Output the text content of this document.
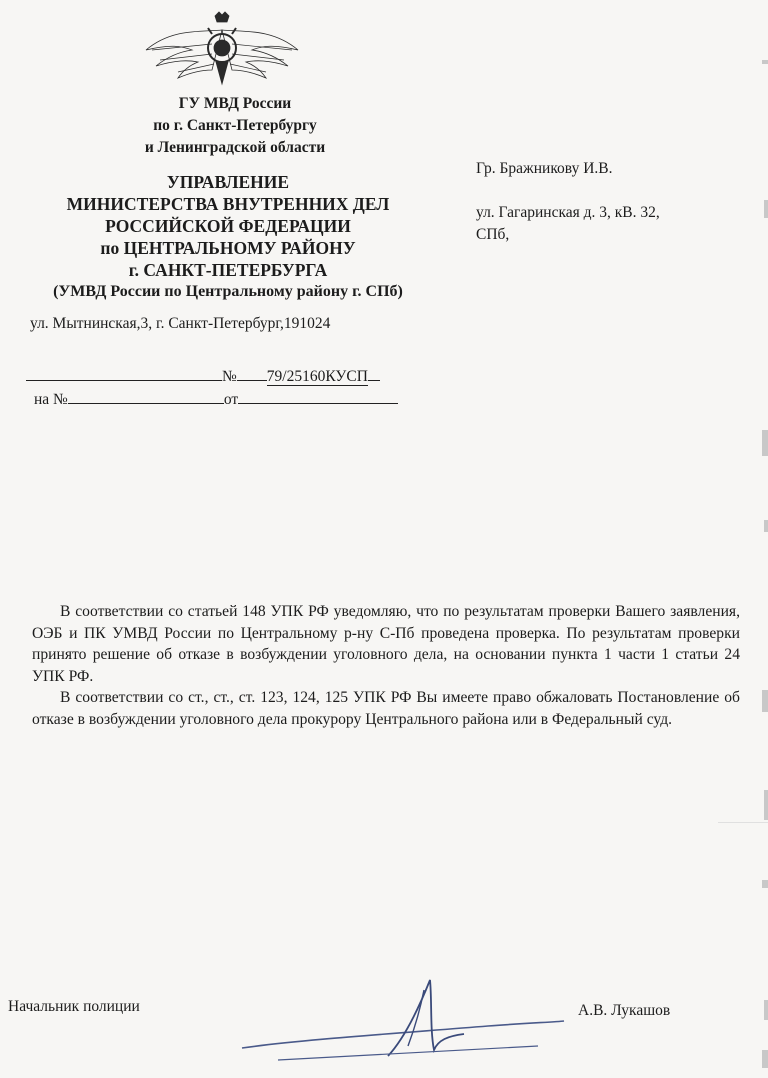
ГУ МВД России
по г. Санкт-Петербургу
и Ленинградской области
УПРАВЛЕНИЕ
МИНИСТЕРСТВА ВНУТРЕННИХ ДЕЛ
РОССИЙСКОЙ ФЕДЕРАЦИИ
по ЦЕНТРАЛЬНОМУ РАЙОНУ
г. САНКТ-ПЕТЕРБУРГА
(УМВД России по Центральному району г. СПб)
ул. Мытнинская,3, г. Санкт-Петербург,191024
№ 79/25160КУСП
на №	от
Гр. Бражникову И.В.
ул. Гагаринская д. 3, кВ. 32,
СПб,

В соответствии со статьей 148 УПК РФ уведомляю, что по результатам проверки Вашего заявления, ОЭБ и ПК УМВД России по Центральному р-ну С-Пб проведена проверка. По результатам проверки принято решение об отказе в возбуждении уголовного дела, на основании пункта 1 части 1 статьи 24 УПК РФ.

В соответствии со ст., ст., ст. 123, 124, 125 УПК РФ Вы имеете право обжаловать Постановление об отказе в возбуждении уголовного дела прокурору Центрального района или в Федеральный суд.

Начальник полиции	А.В. Лукашов
